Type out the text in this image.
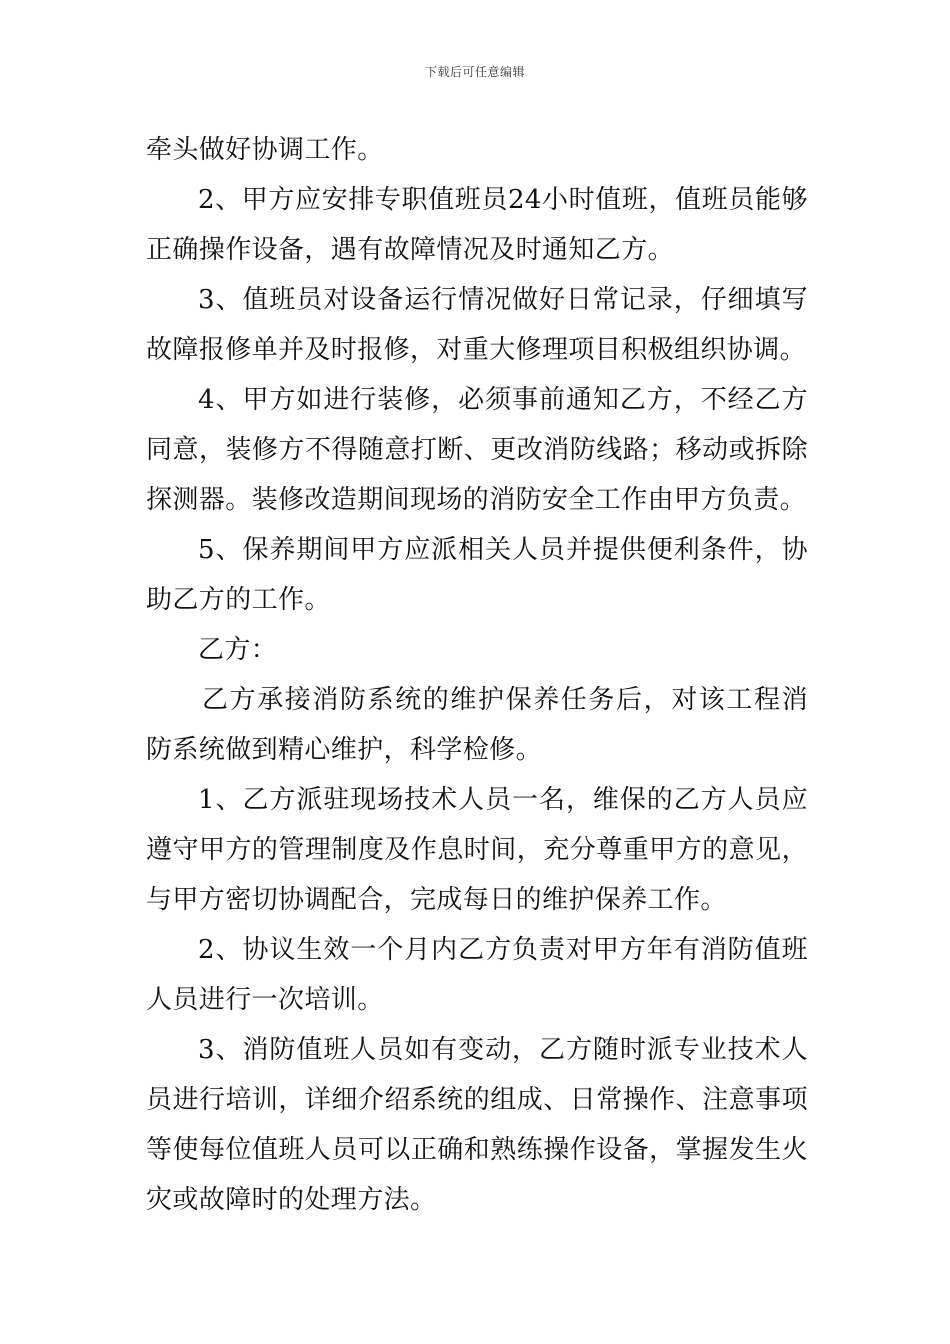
下载后可任意编辑

牵头做好协调工作。

2、甲方应安排专职值班员24小时值班，值班员能够正确操作设备，遇有故障情况及时通知乙方。

3、值班员对设备运行情况做好日常记录，仔细填写故障报修单并及时报修，对重大修理项目积极组织协调。

4、甲方如进行装修，必须事前通知乙方，不经乙方同意，装修方不得随意打断、更改消防线路；移动或拆除探测器。装修改造期间现场的消防安全工作由甲方负责。

5、保养期间甲方应派相关人员并提供便利条件，协助乙方的工作。

乙方：

乙方承接消防系统的维护保养任务后，对该工程消防系统做到精心维护，科学检修。

1、乙方派驻现场技术人员一名，维保的乙方人员应遵守甲方的管理制度及作息时间，充分尊重甲方的意见，与甲方密切协调配合，完成每日的维护保养工作。

2、协议生效一个月内乙方负责对甲方年有消防值班人员进行一次培训。

3、消防值班人员如有变动，乙方随时派专业技术人员进行培训，详细介绍系统的组成、日常操作、注意事项等使每位值班人员可以正确和熟练操作设备，掌握发生火灾或故障时的处理方法。
